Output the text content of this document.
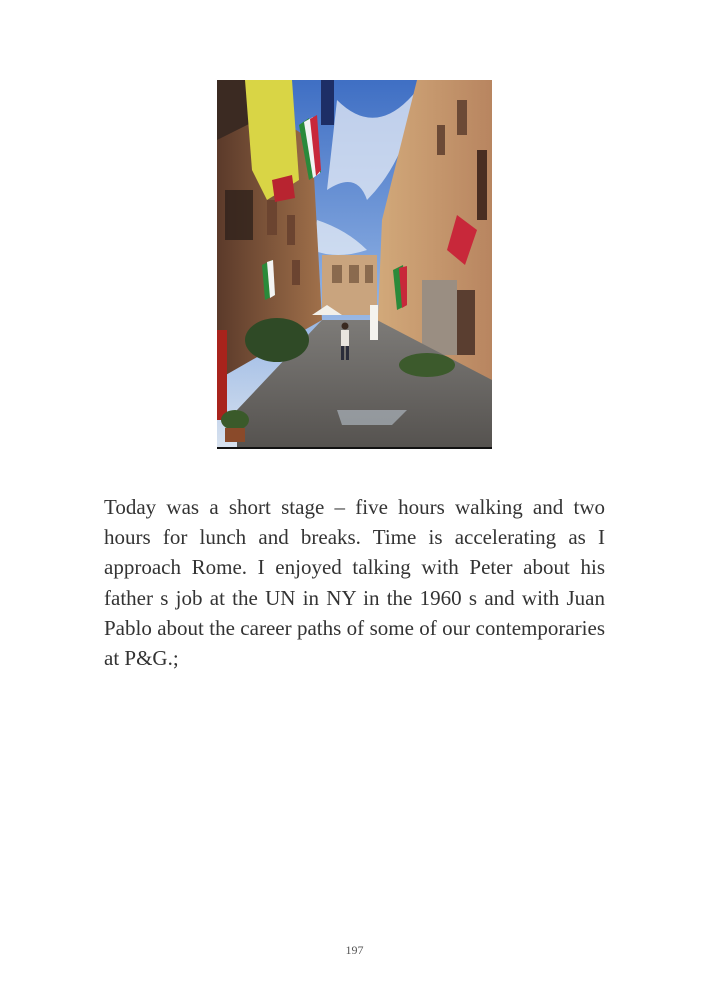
Today was a short stage – five hours walking and two hours for lunch and breaks. Time is accelerating as I approach Rome. I enjoyed talking with Peter about his father s job at the UN in NY in the 1960 s and with Juan Pablo about the career paths of some of our contemporaries at P&G.;

197
